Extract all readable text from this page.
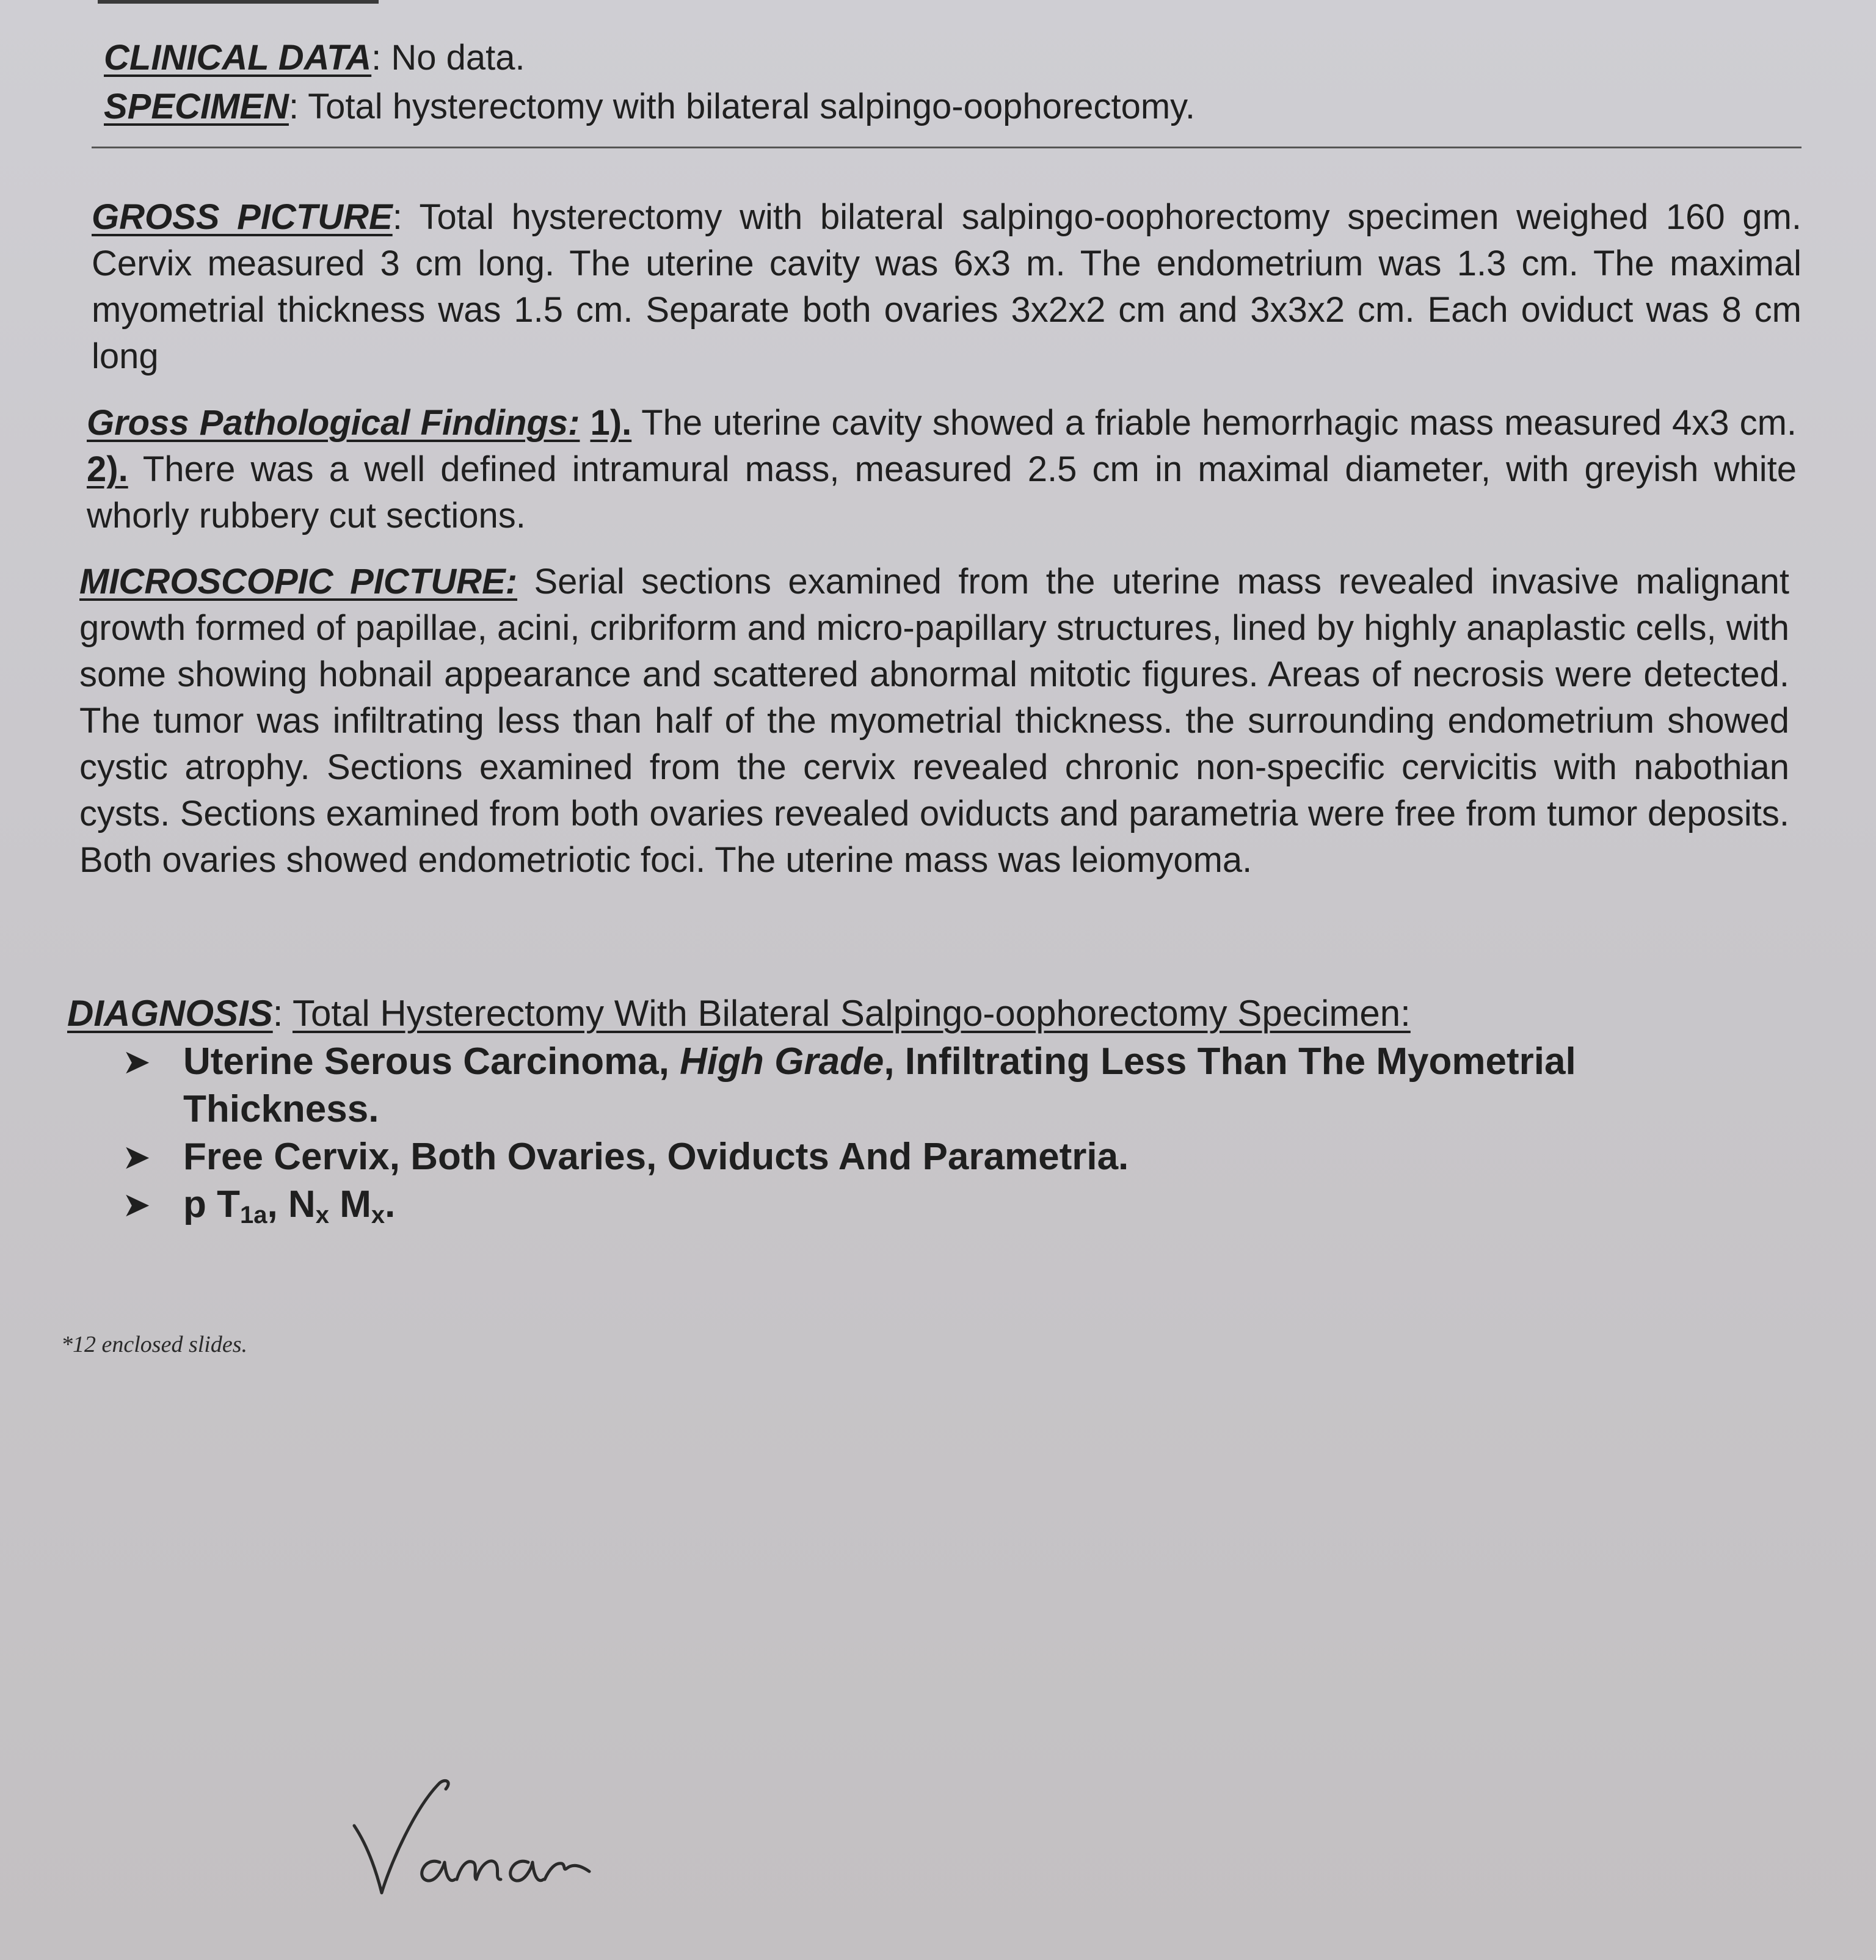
CLINICAL DATA: No data.
SPECIMEN: Total hysterectomy with bilateral salpingo-oophorectomy.
GROSS PICTURE: Total hysterectomy with bilateral salpingo-oophorectomy specimen weighed 160 gm. Cervix measured 3 cm long. The uterine cavity was 6x3 m. The endometrium was 1.3 cm. The maximal myometrial thickness was 1.5 cm. Separate both ovaries 3x2x2 cm and 3x3x2 cm. Each oviduct was 8 cm long
Gross Pathological Findings: 1). The uterine cavity showed a friable hemorrhagic mass measured 4x3 cm. 2). There was a well defined intramural mass, measured 2.5 cm in maximal diameter, with greyish white whorly rubbery cut sections.
MICROSCOPIC PICTURE: Serial sections examined from the uterine mass revealed invasive malignant growth formed of papillae, acini, cribriform and micro-papillary structures, lined by highly anaplastic cells, with some showing hobnail appearance and scattered abnormal mitotic figures. Areas of necrosis were detected. The tumor was infiltrating less than half of the myometrial thickness. the surrounding endometrium showed cystic atrophy. Sections examined from the cervix revealed chronic non-specific cervicitis with nabothian cysts. Sections examined from both ovaries revealed oviducts and parametria were free from tumor deposits. Both ovaries showed endometriotic foci. The uterine mass was leiomyoma.
DIAGNOSIS: Total Hysterectomy With Bilateral Salpingo-oophorectomy Specimen:
➤ Uterine Serous Carcinoma, High Grade, Infiltrating Less Than The Myometrial Thickness.
➤ Free Cervix, Both Ovaries, Oviducts And Parametria.
➤ p $T_{1a}$, $N_x$ $M_x$.
*12 enclosed slides.
